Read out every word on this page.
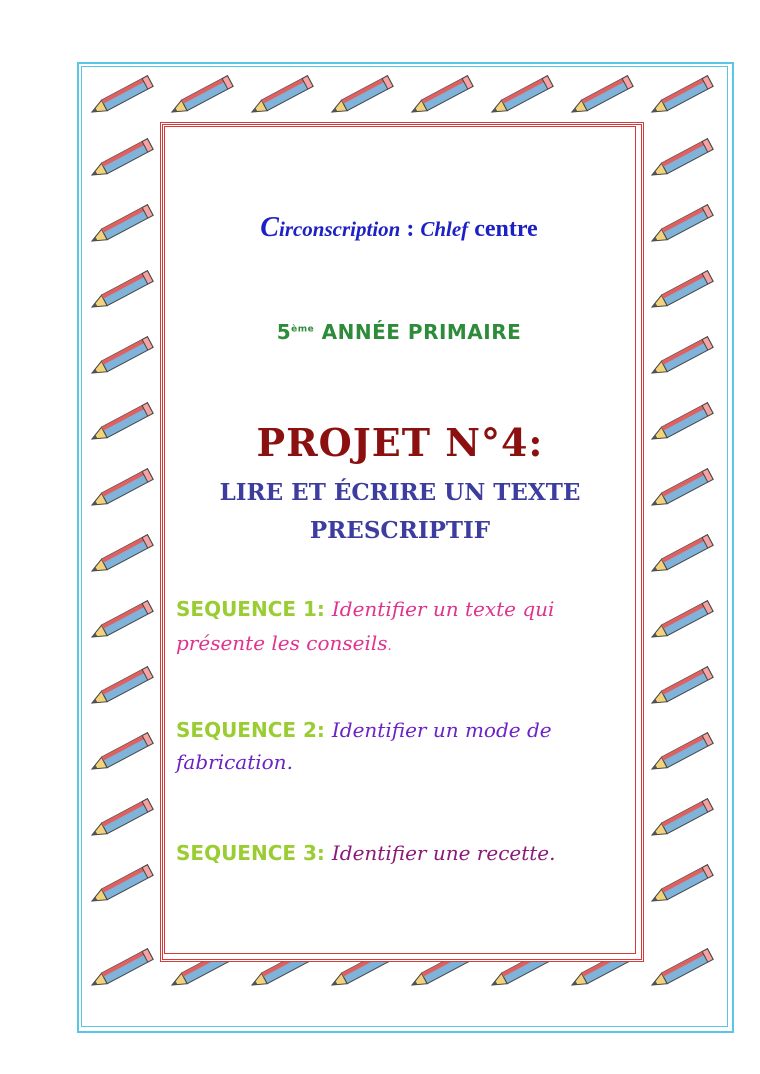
Circonscription : Chlef centre
5ème ANNÉE PRIMAIRE
PROJET N°4:
LIRE ET ÉCRIRE UN TEXTE
PRESCRIPTIF
SEQUENCE 1: Identifier un texte qui
présente les conseils.
SEQUENCE 2: Identifier un mode de
fabrication.
SEQUENCE 3: Identifier une recette.
